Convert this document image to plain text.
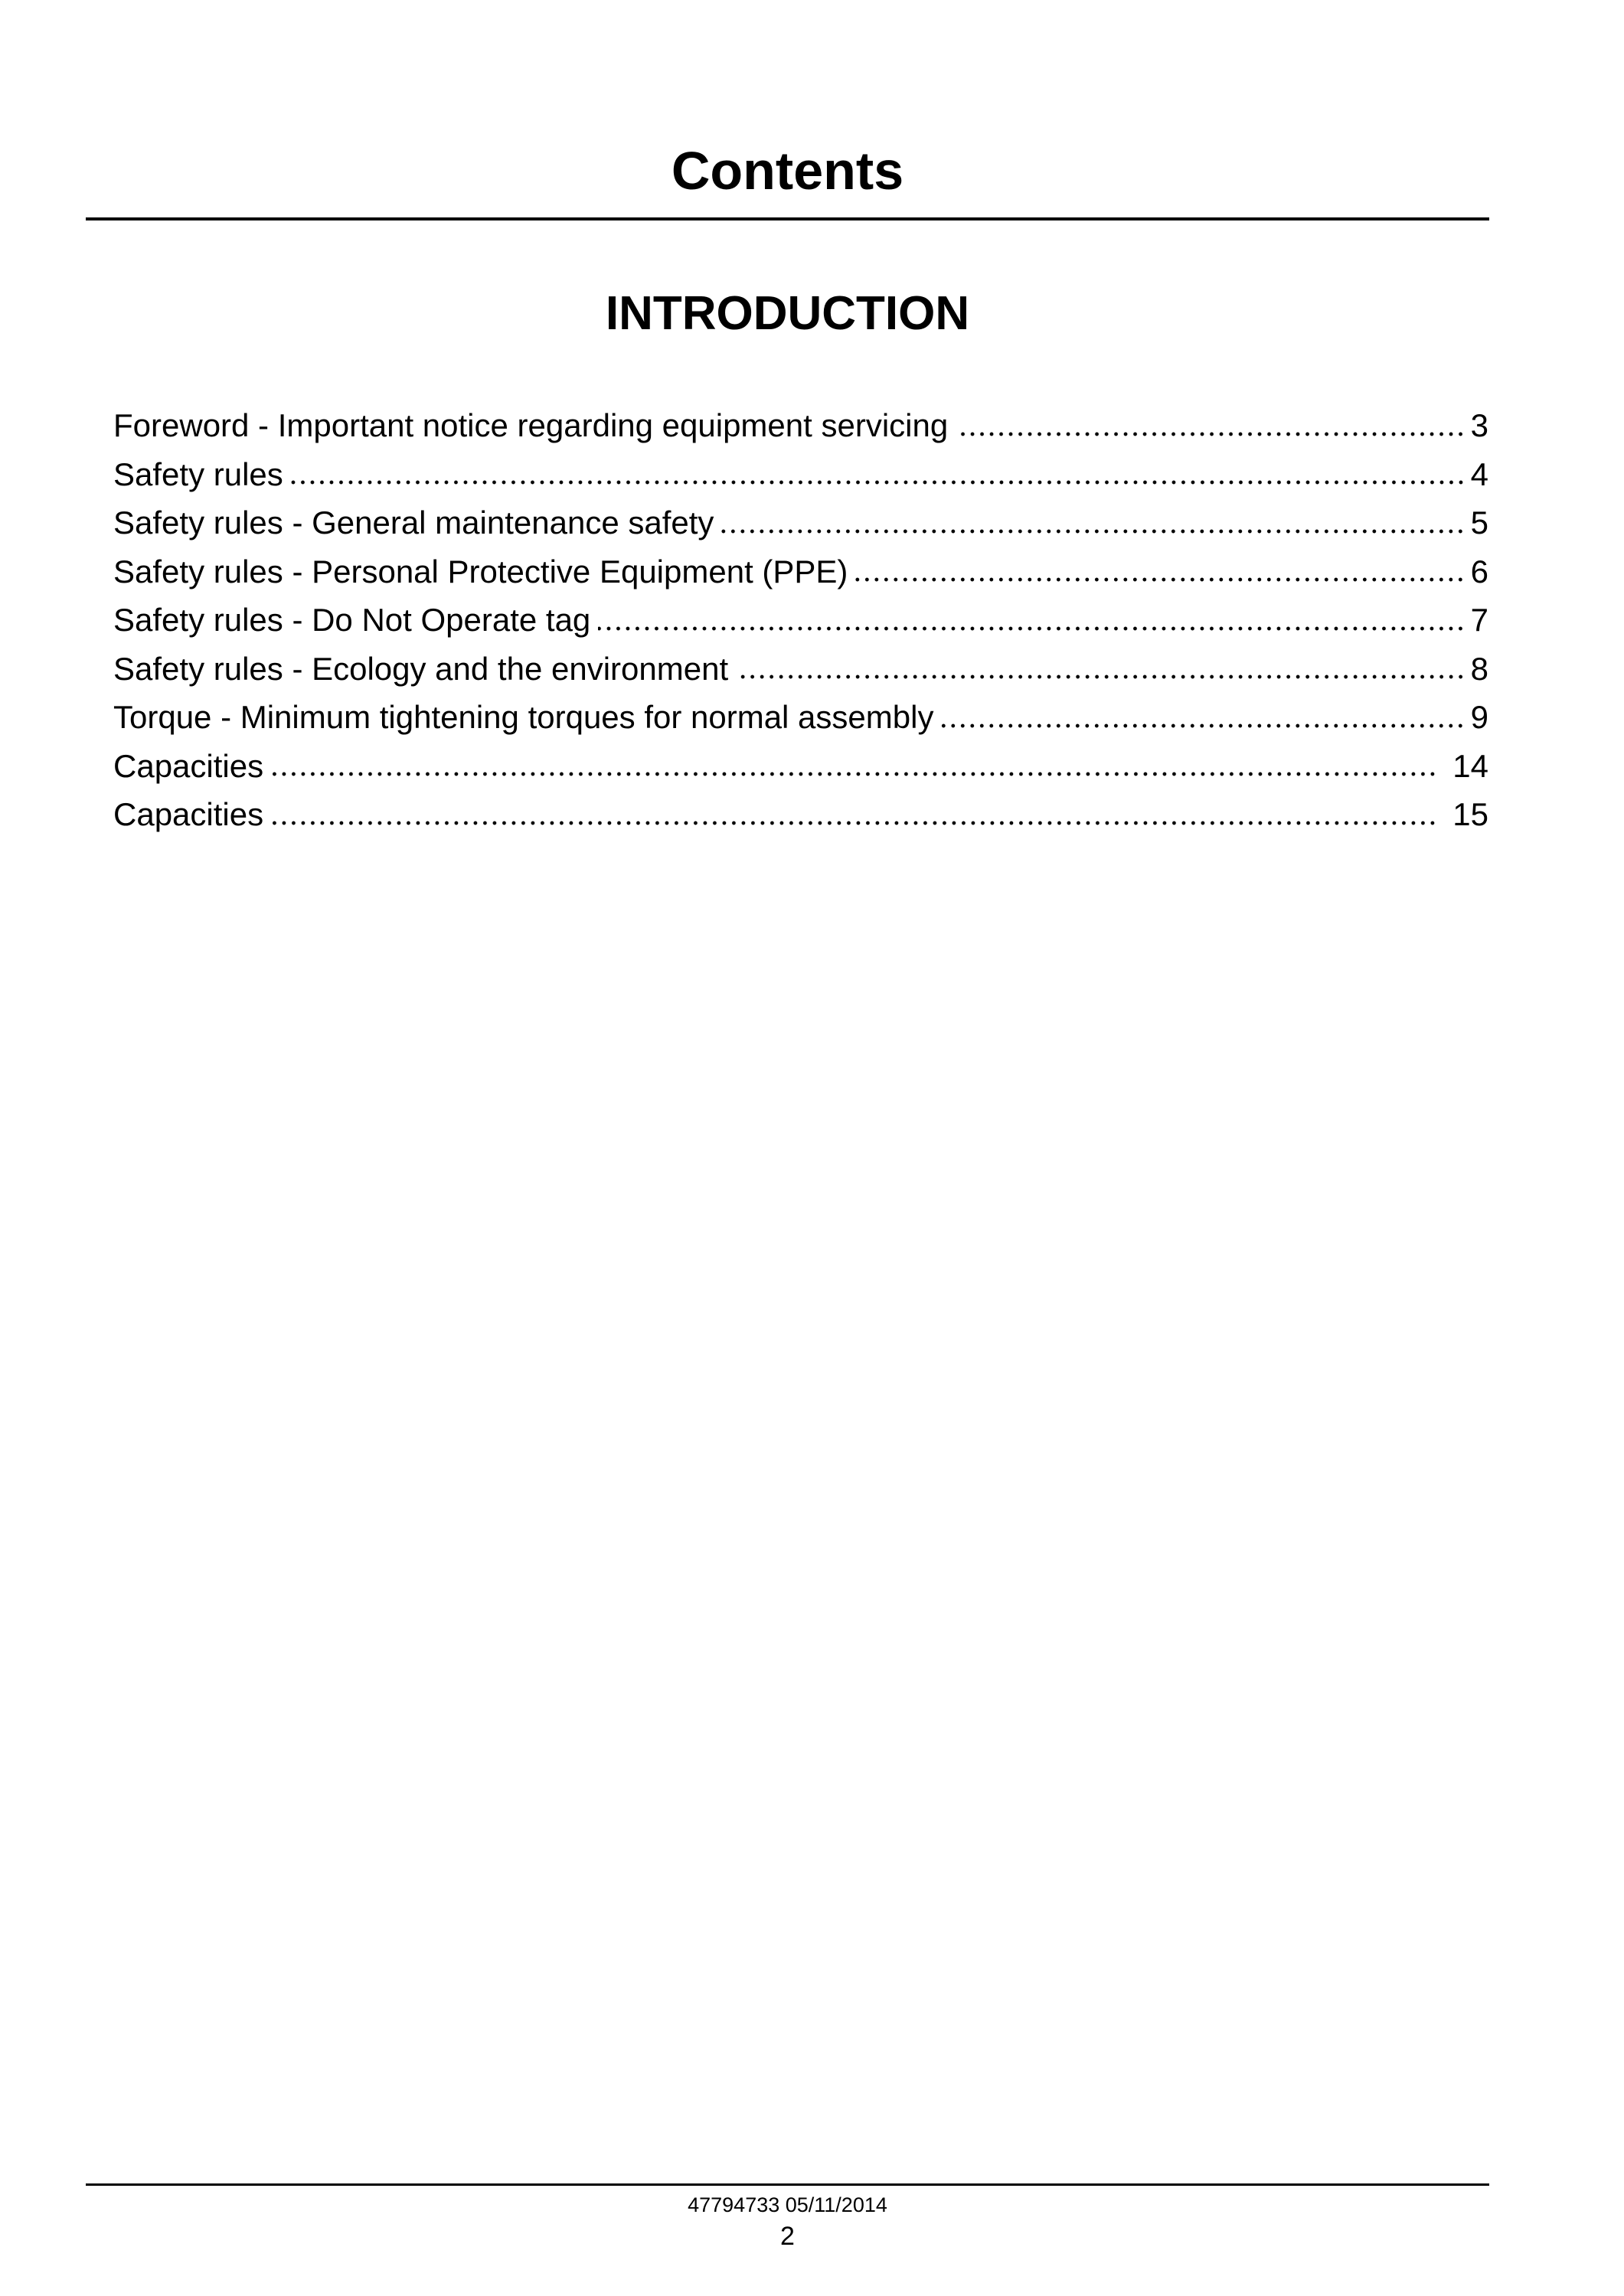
Contents
INTRODUCTION
Foreword - Important notice regarding equipment servicing	3
Safety rules	4
Safety rules - General maintenance safety	5
Safety rules - Personal Protective Equipment (PPE)	6
Safety rules - Do Not Operate tag	7
Safety rules - Ecology and the environment	8
Torque - Minimum tightening torques for normal assembly	9
Capacities	14
Capacities	15
47794733 05/11/2014
2
